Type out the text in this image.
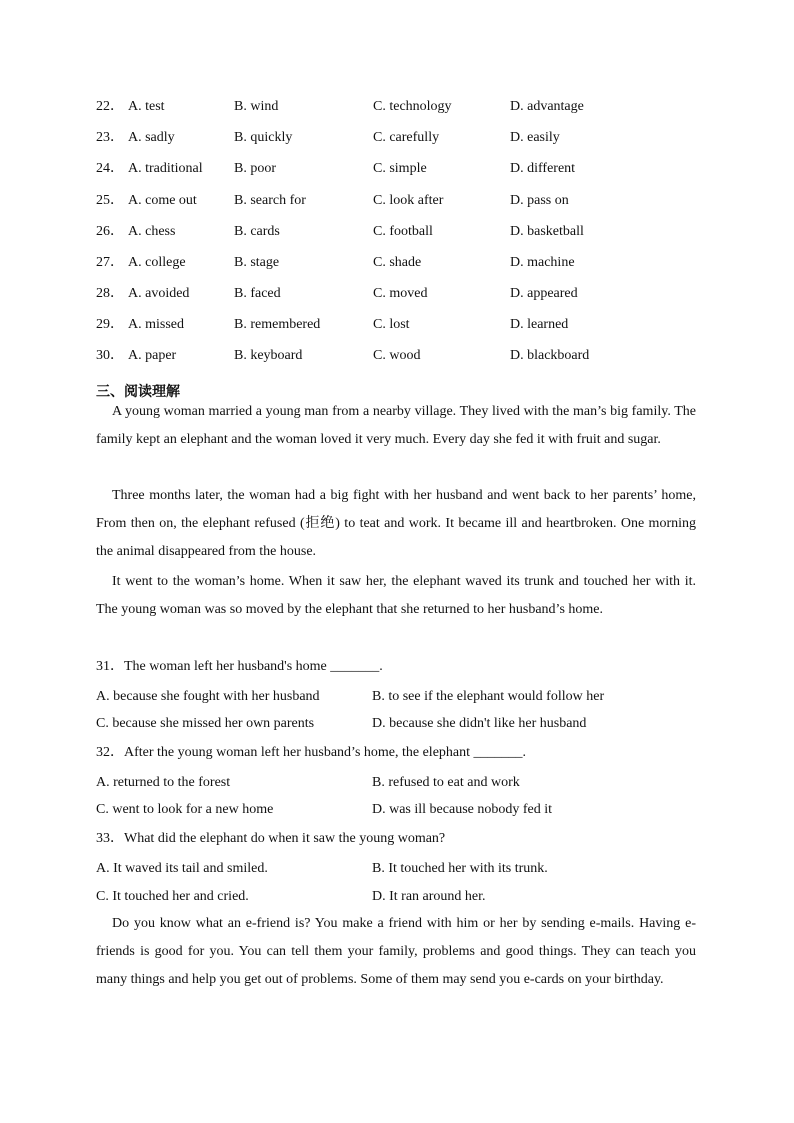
22． A. test	B. wind	C. technology	D. advantage
23． A. sadly	B. quickly	C. carefully	D. easily
24． A. traditional B. poor	C. simple	D. different
25． A. come out	B. search for	C. look after	D. pass on
26． A. chess	B. cards	C. football	D. basketball
27． A. college	B. stage	C. shade	D. machine
28． A. avoided	B. faced	C. moved	D. appeared
29． A. missed	B. remembered	C. lost	D. learned
30． A. paper	B. keyboard	C. wood	D. blackboard
三、阅读理解

A young woman married a young man from a nearby village. They lived with the man’s big family. The family kept an elephant and the woman loved it very much. Every day she fed it with fruit and sugar.

Three months later, the woman had a big fight with her husband and went back to her parents’ home, From then on, the elephant refused (拒绝) to teat and work. It became ill and heartbroken. One morning the animal disappeared from the house.

It went to the woman’s home. When it saw her, the elephant waved its trunk and touched her with it. The young woman was so moved by the elephant that she returned to her husband’s home.

31．The woman left her husband's home _______.
A. because she fought with her husband	B. to see if the elephant would follow her
C. because she missed her own parents	D. because she didn't like her husband
32．After the young woman left her husband’s home, the elephant _______.
A. returned to the forest	B. refused to eat and work
C. went to look for a new home	D. was ill because nobody fed it
33．What did the elephant do when it saw the young woman?
A. It waved its tail and smiled.	B. It touched her with its trunk.
C. It touched her and cried.	D. It ran around her.

Do you know what an e-friend is? You make a friend with him or her by sending e-mails. Having e-friends is good for you. You can tell them your family, problems and good things. They can teach you many things and help you get out of problems. Some of them may send you e-cards on your birthday.
